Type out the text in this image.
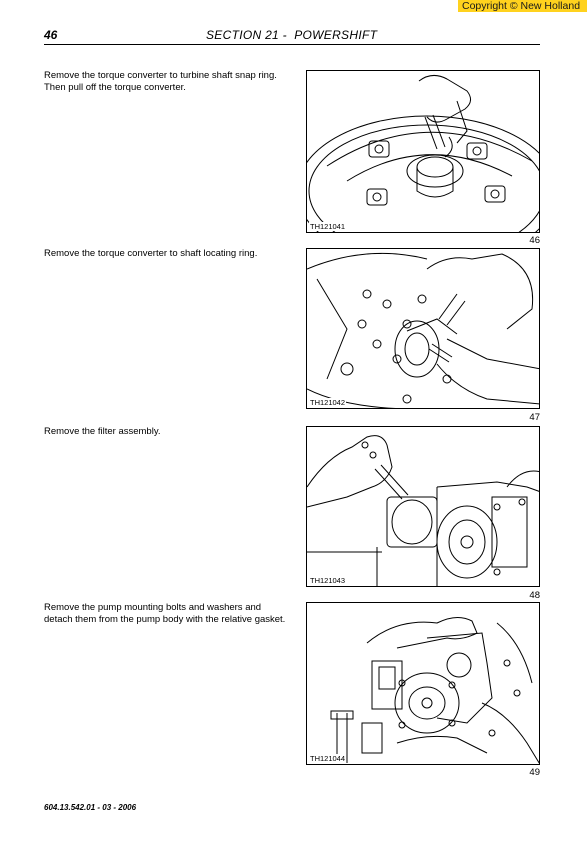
Copyright © New Holland
46	SECTION 21 -  POWERSHIFT
Remove the torque converter to turbine shaft snap ring. Then pull off the torque converter.
TH121041
46
Remove the torque converter to shaft locating ring.
TH121042
47
Remove the filter assembly.
TH121043
48
Remove the pump mounting bolts and washers and detach them from the pump body with the relative gasket.
TH121044
49
604.13.542.01 - 03 - 2006
